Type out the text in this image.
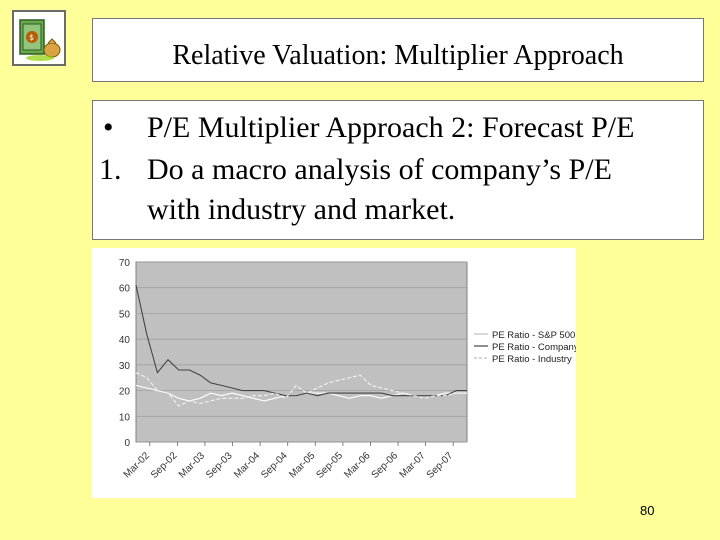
$
Relative Valuation: Multiplier Approach
• P/E Multiplier Approach 2: Forecast P/E
1. Do a macro analysis of company’s P/E
with industry and market.
0
10
20
30
40
50
60
70
Mar-02
Sep-02
Mar-03
Sep-03
Mar-04
Sep-04
Mar-05
Sep-05
Mar-06
Sep-06
Mar-07
Sep-07
PE Ratio - S&P 500
PE Ratio - Company
PE Ratio - Industry
80
